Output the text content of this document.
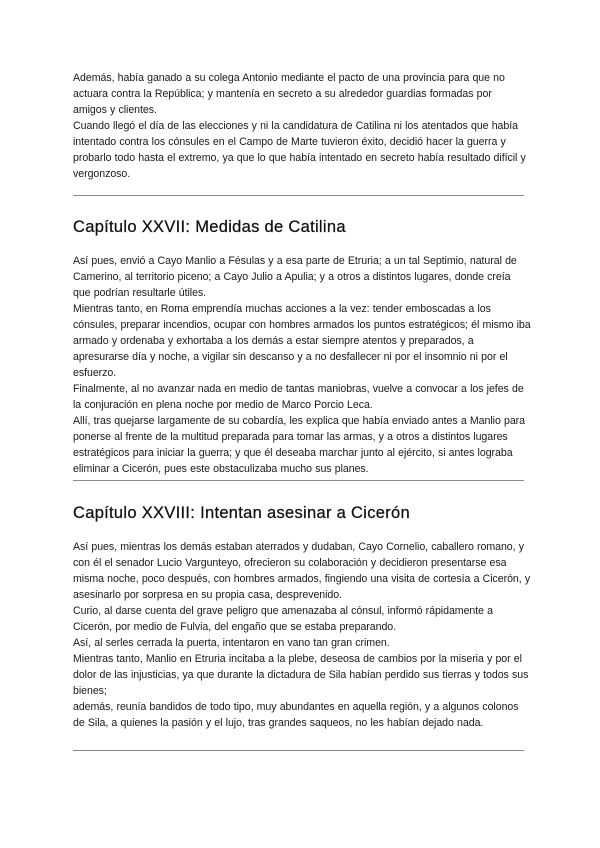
Además, había ganado a su colega Antonio mediante el pacto de una provincia para que no actuara contra la República; y mantenía en secreto a su alrededor guardias formadas por amigos y clientes.

Cuando llegó el día de las elecciones y ni la candidatura de Catilina ni los atentados que había intentado contra los cónsules en el Campo de Marte tuvieron éxito, decidió hacer la guerra y probarlo todo hasta el extremo, ya que lo que había intentado en secreto había resultado difícil y vergonzoso.

Capítulo XXVII: Medidas de Catilina

Así pues, envió a Cayo Manlio a Fésulas y a esa parte de Etruria; a un tal Septimio, natural de Camerino, al territorio piceno; a Cayo Julio a Apulia; y a otros a distintos lugares, donde creía que podrían resultarle útiles.

Mientras tanto, en Roma emprendía muchas acciones a la vez: tender emboscadas a los cónsules, preparar incendios, ocupar con hombres armados los puntos estratégicos; él mismo iba armado y ordenaba y exhortaba a los demás a estar siempre atentos y preparados, a apresurarse día y noche, a vigilar sin descanso y a no desfallecer ni por el insomnio ni por el esfuerzo.

Finalmente, al no avanzar nada en medio de tantas maniobras, vuelve a convocar a los jefes de la conjuración en plena noche por medio de Marco Porcio Leca.

Allí, tras quejarse largamente de su cobardía, les explica que había enviado antes a Manlio para ponerse al frente de la multitud preparada para tomar las armas, y a otros a distintos lugares estratégicos para iniciar la guerra; y que él deseaba marchar junto al ejército, si antes lograba eliminar a Cicerón, pues este obstaculizaba mucho sus planes.

Capítulo XXVIII: Intentan asesinar a Cicerón

Así pues, mientras los demás estaban aterrados y dudaban, Cayo Cornelio, caballero romano, y con él el senador Lucio Vargunteyo, ofrecieron su colaboración y decidieron presentarse esa misma noche, poco después, con hombres armados, fingiendo una visita de cortesía a Cicerón, y asesinarlo por sorpresa en su propia casa, desprevenido.

Curio, al darse cuenta del grave peligro que amenazaba al cónsul, informó rápidamente a Cicerón, por medio de Fulvia, del engaño que se estaba preparando.

Así, al serles cerrada la puerta, intentaron en vano tan gran crimen.

Mientras tanto, Manlio en Etruria incitaba a la plebe, deseosa de cambios por la miseria y por el dolor de las injusticias, ya que durante la dictadura de Sila habían perdido sus tierras y todos sus bienes;

además, reunía bandidos de todo tipo, muy abundantes en aquella región, y a algunos colonos de Sila, a quienes la pasión y el lujo, tras grandes saqueos, no les habían dejado nada.
